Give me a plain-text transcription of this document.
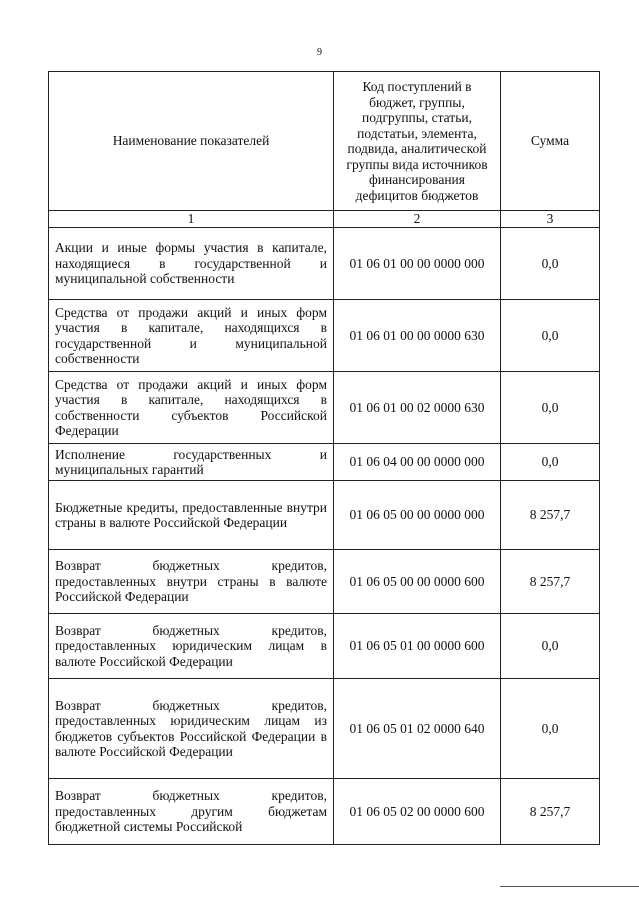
9
Наименование показателей	Код поступлений в бюджет, группы, подгруппы, статьи, подстатьи, элемента, подвида, аналитической группы вида источников финансирования дефицитов бюджетов	Сумма
1	2	3
Акции и иные формы участия в капитале, находящиеся в государственной и муниципальной собственности	01 06 01 00 00 0000 000	0,0
Средства от продажи акций и иных форм участия в капитале, находящихся в государственной и муниципальной собственности	01 06 01 00 00 0000 630	0,0
Средства от продажи акций и иных форм участия в капитале, находящихся в собственности субъектов Российской Федерации	01 06 01 00 02 0000 630	0,0
Исполнение государственных и муниципальных гарантий	01 06 04 00 00 0000 000	0,0
Бюджетные кредиты, предоставленные внутри страны в валюте Российской Федерации	01 06 05 00 00 0000 000	8 257,7
Возврат бюджетных кредитов, предоставленных внутри страны в валюте Российской Федерации	01 06 05 00 00 0000 600	8 257,7
Возврат бюджетных кредитов, предоставленных юридическим лицам в валюте Российской Федерации	01 06 05 01 00 0000 600	0,0
Возврат бюджетных кредитов, предоставленных юридическим лицам из бюджетов субъектов Российской Федерации в валюте Российской Федерации	01 06 05 01 02 0000 640	0,0
Возврат бюджетных кредитов, предоставленных другим бюджетам бюджетной системы Российской	01 06 05 02 00 0000 600	8 257,7
